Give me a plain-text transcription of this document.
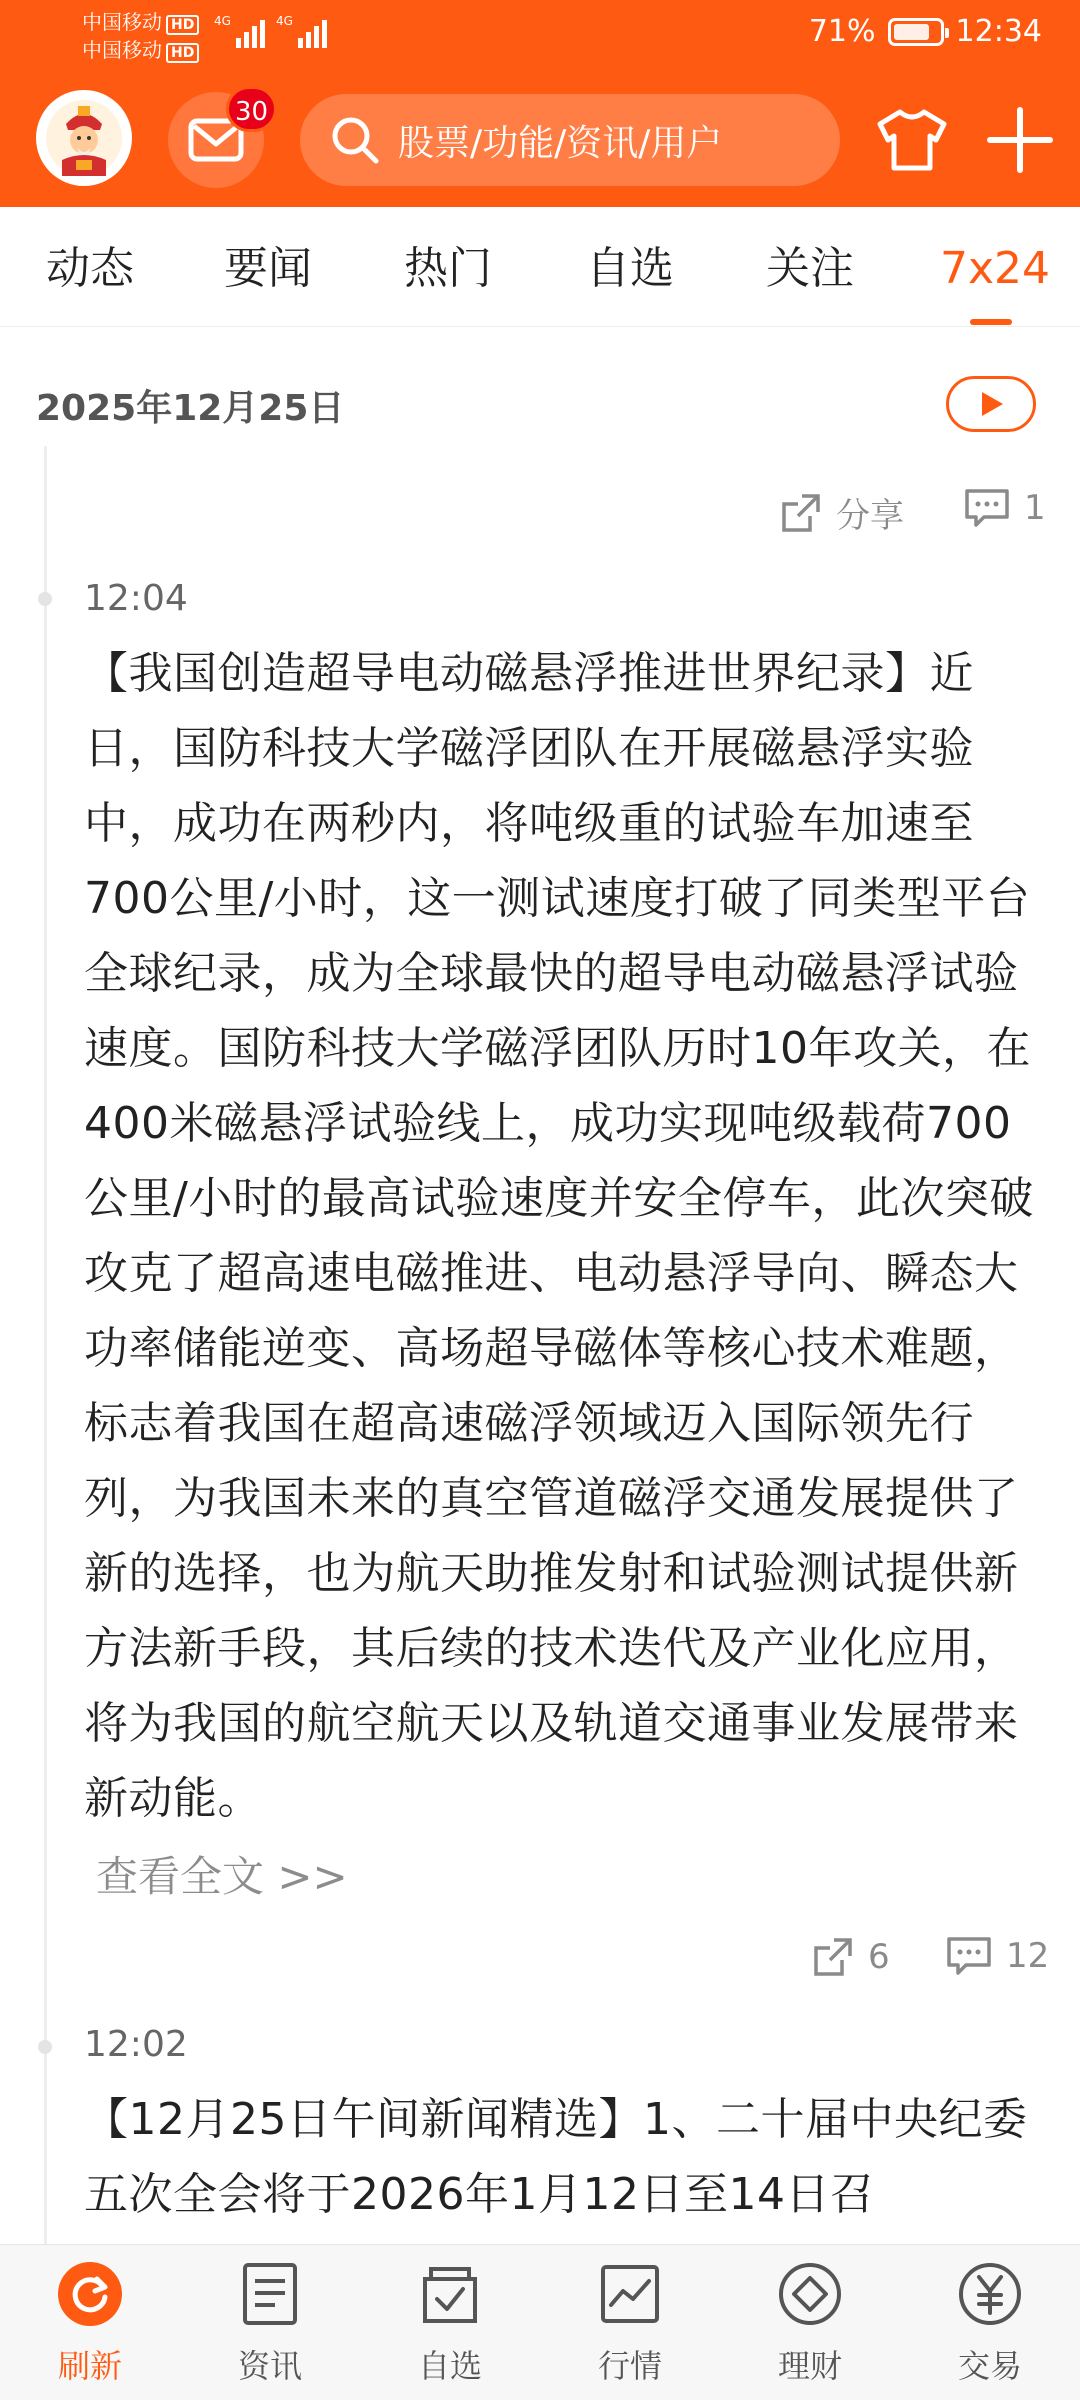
中国移动 HD
中国移动 HD
4G	4G	71%	12:34
30
股票/功能/资讯/用户
动态	要闻	热门	自选	关注	7x24
2025年12月25日
分享	1
12:04
【我国创造超导电动磁悬浮推进世界纪录】近日，国防科技大学磁浮团队在开展磁悬浮实验中，成功在两秒内，将吨级重的试验车加速至700公里/小时，这一测试速度打破了同类型平台全球纪录，成为全球最快的超导电动磁悬浮试验速度。国防科技大学磁浮团队历时10年攻关，在400米磁悬浮试验线上，成功实现吨级载荷700公里/小时的最高试验速度并安全停车，此次突破攻克了超高速电磁推进、电动悬浮导向、瞬态大功率储能逆变、高场超导磁体等核心技术难题，标志着我国在超高速磁浮领域迈入国际领先行列，为我国未来的真空管道磁浮交通发展提供了新的选择，也为航天助推发射和试验测试提供新方法新手段，其后续的技术迭代及产业化应用，将为我国的航空航天以及轨道交通事业发展带来新动能。
查看全文 >>
6	12
12:02
【12月25日午间新闻精选】1、二十届中央纪委五次全会将于2026年1月12日至14日召
刷新	资讯	自选	行情	理财	交易
